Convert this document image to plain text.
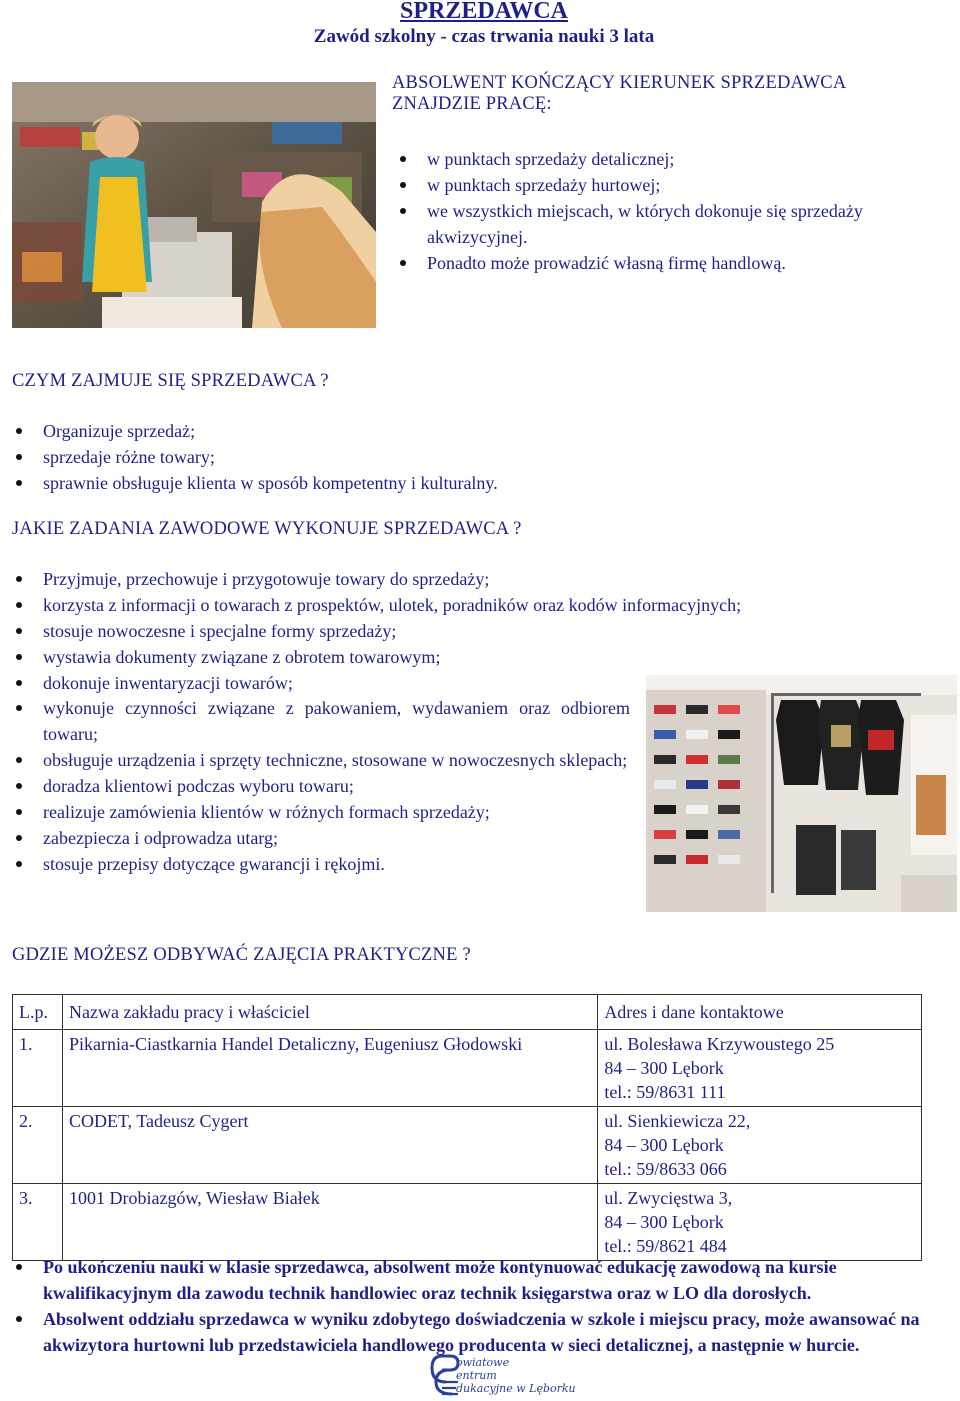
SPRZEDAWCA
Zawód szkolny - czas trwania nauki 3 lata
ABSOLWENT KOŃCZĄCY KIERUNEK SPRZEDAWCA
ZNAJDZIE PRACĘ:
w punktach sprzedaży detalicznej;
w punktach sprzedaży hurtowej;
we wszystkich miejscach, w których dokonuje się sprzedaży akwizycyjnej.
Ponadto może prowadzić własną firmę handlową.
CZYM ZAJMUJE SIĘ SPRZEDAWCA ?
Organizuje sprzedaż;
sprzedaje różne towary;
sprawnie obsługuje klienta w sposób kompetentny i kulturalny.
JAKIE ZADANIA ZAWODOWE WYKONUJE SPRZEDAWCA ?
Przyjmuje, przechowuje i przygotowuje towary do sprzedaży;
korzysta z informacji o towarach z prospektów, ulotek, poradników oraz kodów informacyjnych;
stosuje nowoczesne i specjalne formy sprzedaży;
wystawia dokumenty związane z obrotem towarowym;
dokonuje inwentaryzacji towarów;
wykonuje czynności związane z pakowaniem, wydawaniem oraz odbiorem towaru;
obsługuje urządzenia i sprzęty techniczne, stosowane w nowoczesnych sklepach;
doradza klientowi podczas wyboru towaru;
realizuje zamówienia klientów w różnych formach sprzedaży;
zabezpiecza i odprowadza utarg;
stosuje przepisy dotyczące gwarancji i rękojmi.
GDZIE MOŻESZ ODBYWAĆ ZAJĘCIA PRAKTYCZNE ?
L.p.	Nazwa zakładu pracy i właściciel	Adres i dane kontaktowe
1.	Pikarnia-Ciastkarnia Handel Detaliczny, Eugeniusz Głodowski	ul. Bolesława Krzywoustego 25
84 – 300 Lębork
tel.: 59/8631 111

2.	CODET, Tadeusz Cygert	ul. Sienkiewicza 22,
84 – 300 Lębork
tel.: 59/8633 066

3.	1001 Drobiazgów, Wiesław Białek	ul. Zwycięstwa 3,
84 – 300 Lębork
tel.: 59/8621 484
Po ukończeniu nauki w klasie sprzedawca, absolwent może kontynuować edukację zawodową na kursie kwalifikacyjnym dla zawodu technik handlowiec oraz technik księgarstwa oraz w LO dla dorosłych.
Absolwent oddziału sprzedawca w wyniku zdobytego doświadczenia w szkole i miejscu pracy, może awansować na akwizytora hurtowni lub przedstawiciela handlowego producenta w sieci detalicznej, a następnie w hurcie.
owiatowe
entrum
dukacyjne w Lęborku
